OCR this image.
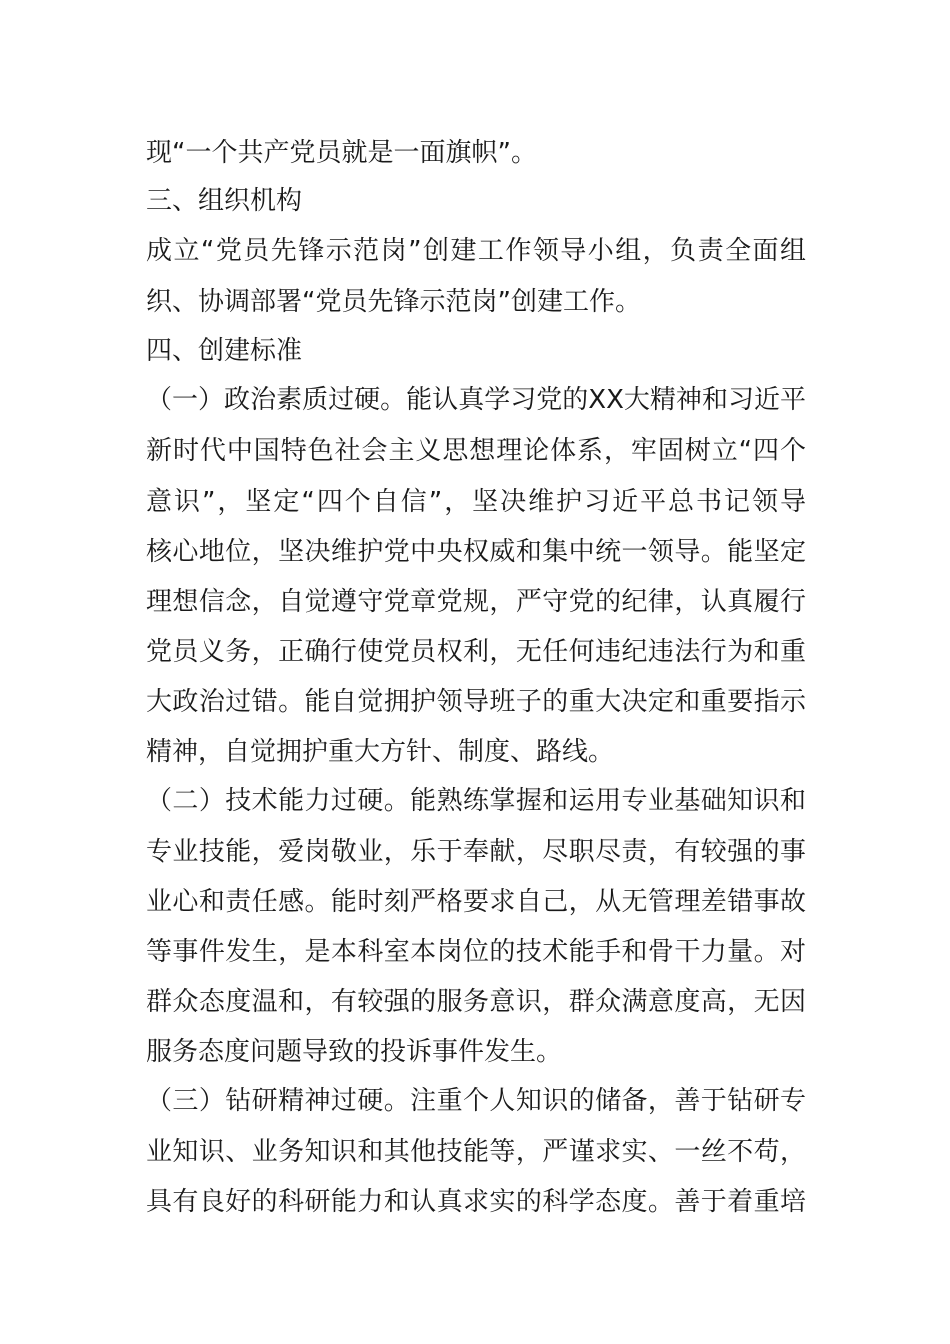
现“一个共产党员就是一面旗帜”。
三、组织机构
成立“党员先锋示范岗”创建工作领导小组，负责全面组
织、协调部署“党员先锋示范岗”创建工作。
四、创建标准
（一）政治素质过硬。能认真学习党的XX大精神和习近平
新时代中国特色社会主义思想理论体系，牢固树立“四个
意识”，坚定“四个自信”，坚决维护习近平总书记领导
核心地位，坚决维护党中央权威和集中统一领导。能坚定
理想信念，自觉遵守党章党规，严守党的纪律，认真履行
党员义务，正确行使党员权利，无任何违纪违法行为和重
大政治过错。能自觉拥护领导班子的重大决定和重要指示
精神，自觉拥护重大方针、制度、路线。
（二）技术能力过硬。能熟练掌握和运用专业基础知识和
专业技能，爱岗敬业，乐于奉献，尽职尽责，有较强的事
业心和责任感。能时刻严格要求自己，从无管理差错事故
等事件发生，是本科室本岗位的技术能手和骨干力量。对
群众态度温和，有较强的服务意识，群众满意度高，无因
服务态度问题导致的投诉事件发生。
（三）钻研精神过硬。注重个人知识的储备，善于钻研专
业知识、业务知识和其他技能等，严谨求实、一丝不苟，
具有良好的科研能力和认真求实的科学态度。善于着重培
